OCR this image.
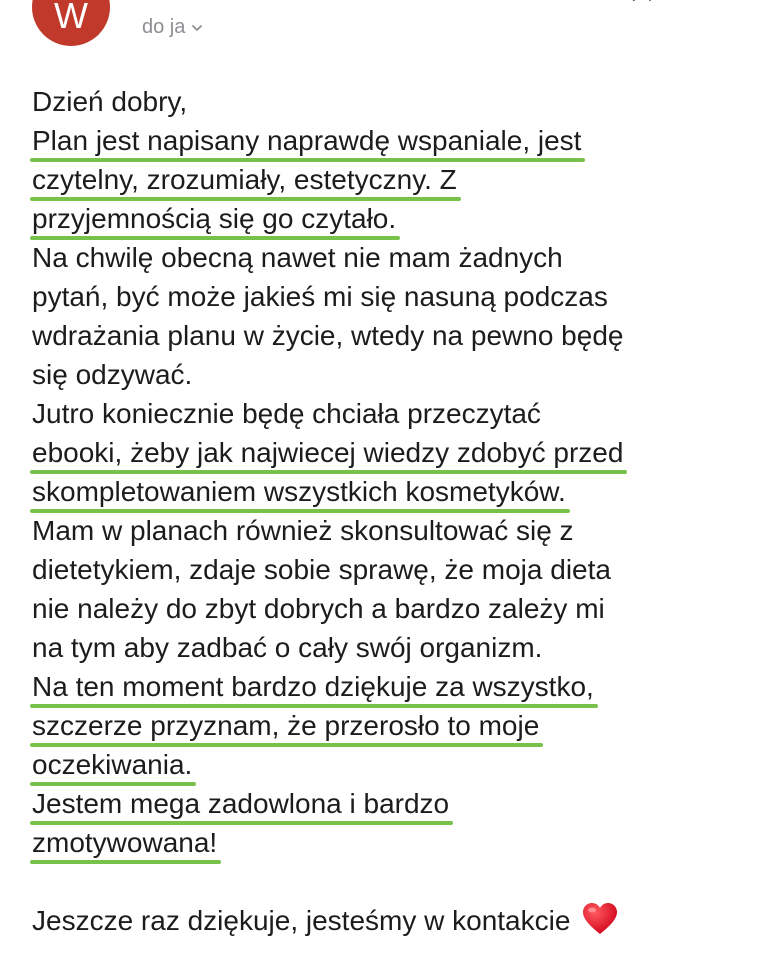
W	do ja
Dzień dobry,
Plan jest napisany naprawdę wspaniale, jest
czytelny, zrozumiały, estetyczny. Z
przyjemnością się go czytało.
Na chwilę obecną nawet nie mam żadnych
pytań, być może jakieś mi się nasuną podczas
wdrażania planu w życie, wtedy na pewno będę
się odzywać.
Jutro koniecznie będę chciała przeczytać
ebooki, żeby jak najwiecej wiedzy zdobyć przed
skompletowaniem wszystkich kosmetyków.
Mam w planach również skonsultować się z
dietetykiem, zdaje sobie sprawę, że moja dieta
nie należy do zbyt dobrych a bardzo zależy mi
na tym aby zadbać o cały swój organizm.
Na ten moment bardzo dziękuje za wszystko,
szczerze przyznam, że przerosło to moje
oczekiwania.
Jestem mega zadowlona i bardzo
zmotywowana!
Jeszcze raz dziękuje, jesteśmy w kontakcie
